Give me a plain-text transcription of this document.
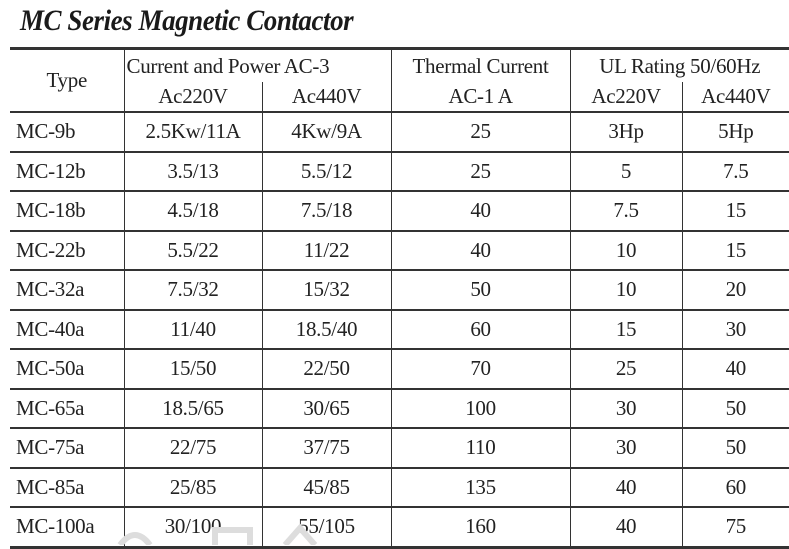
MC Series Magnetic Contactor
Type	Current and Power AC-3		Thermal Current	UL Rating 50/60Hz	
	Ac220V	Ac440V	AC-1 A	Ac220V	Ac440V
MC-9b	2.5Kw/11A	4Kw/9A	25	3Hp	5Hp
MC-12b	3.5/13	5.5/12	25	5	7.5
MC-18b	4.5/18	7.5/18	40	7.5	15
MC-22b	5.5/22	11/22	40	10	15
MC-32a	7.5/32	15/32	50	10	20
MC-40a	11/40	18.5/40	60	15	30
MC-50a	15/50	22/50	70	25	40
MC-65a	18.5/65	30/65	100	30	50
MC-75a	22/75	37/75	110	30	50
MC-85a	25/85	45/85	135	40	60
MC-100a	30/100	55/105	160	40	75
